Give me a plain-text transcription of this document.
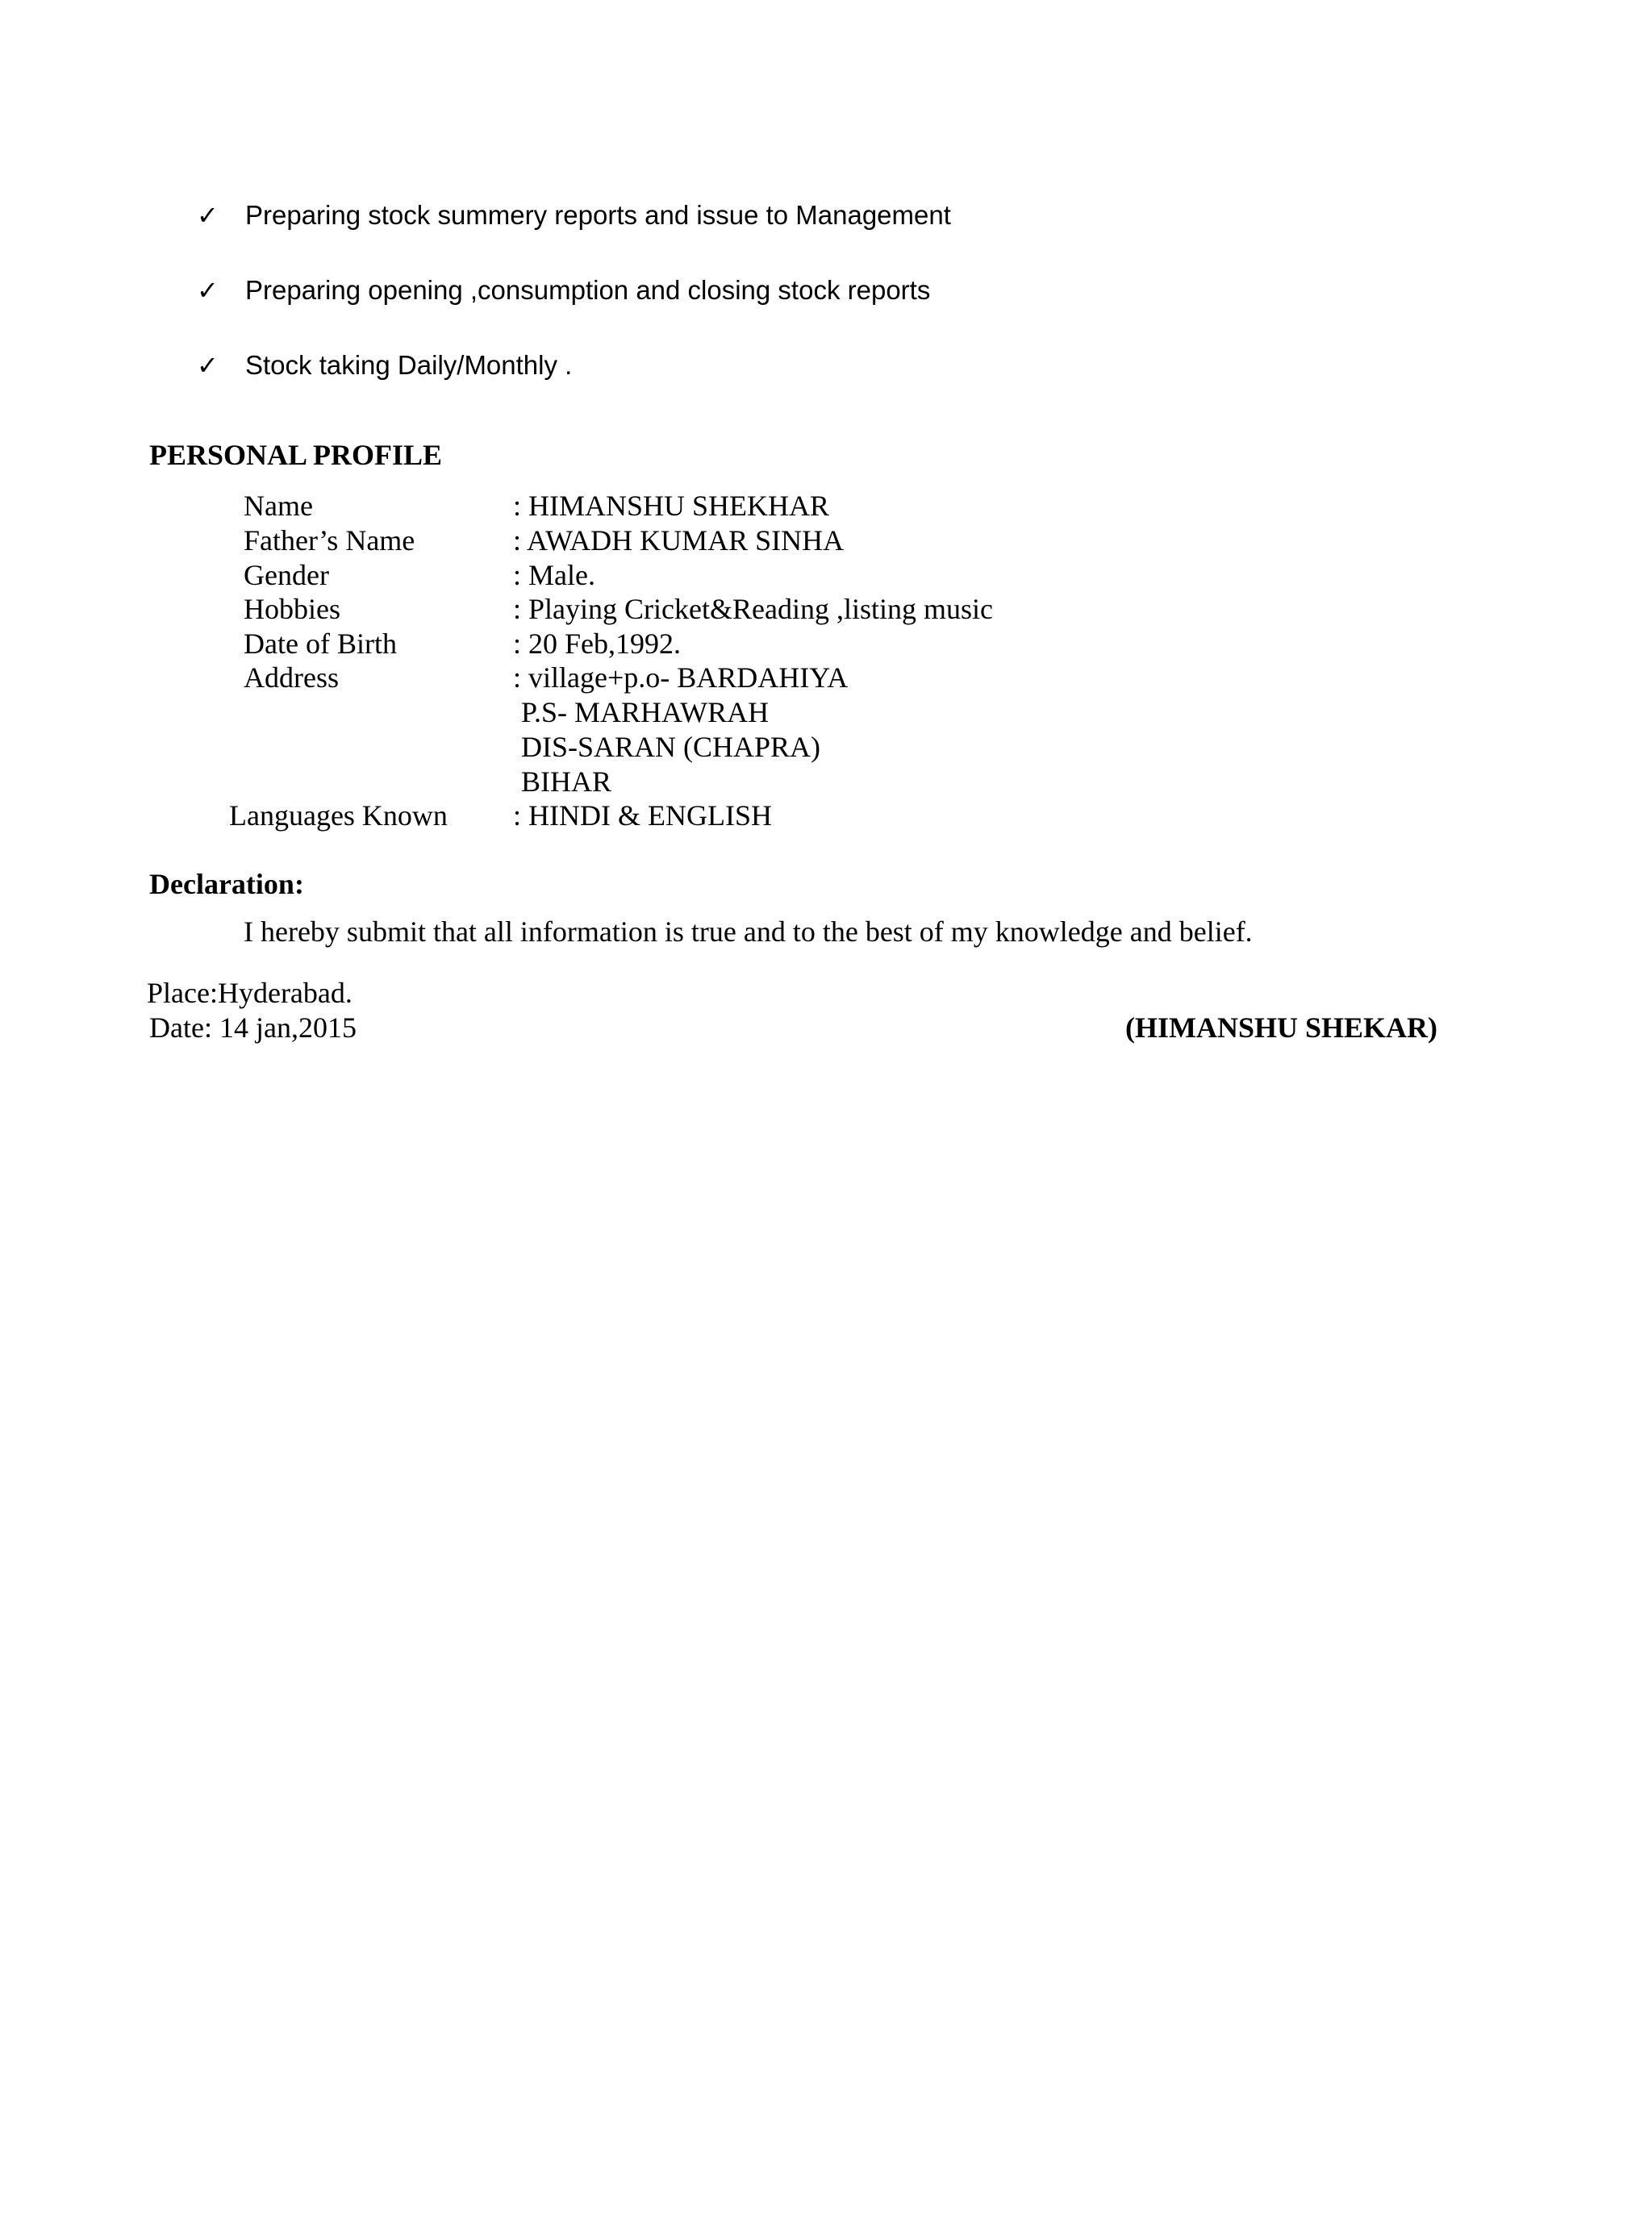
✓	Preparing stock summery reports and issue to Management
✓	Preparing opening ,consumption and closing stock reports
✓	Stock taking Daily/Monthly .
PERSONAL PROFILE
Name	: HIMANSHU SHEKHAR
Father’s Name	: AWADH KUMAR SINHA
Gender	: Male.
Hobbies	: Playing Cricket&Reading ,listing music
Date of Birth	: 20 Feb,1992.
Address	: village+p.o- BARDAHIYA
P.S- MARHAWRAH
DIS-SARAN (CHAPRA)
BIHAR
Languages Known : HINDI & ENGLISH
Declaration:
I hereby submit that all information is true and to the best of my knowledge and belief.
Place:Hyderabad.
Date: 14 jan,2015	(HIMANSHU SHEKAR)
